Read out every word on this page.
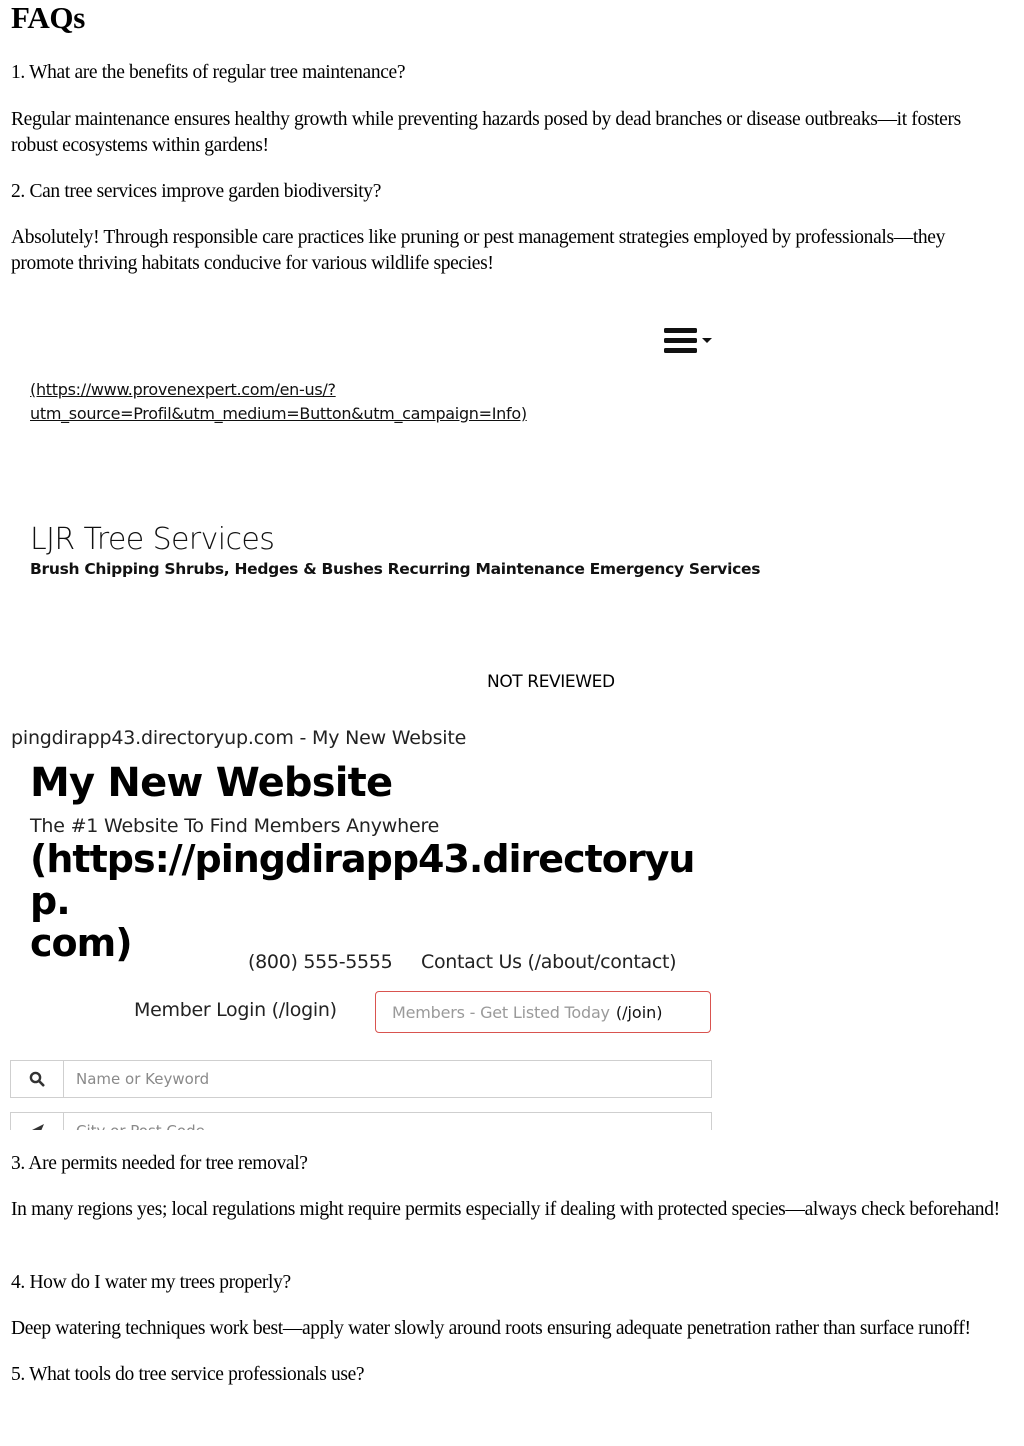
FAQs
1. What are the benefits of regular tree maintenance?
Regular maintenance ensures healthy growth while preventing hazards posed by dead branches or disease outbreaks—it fosters robust ecosystems within gardens!
2. Can tree services improve garden biodiversity?
Absolutely! Through responsible care practices like pruning or pest management strategies employed by professionals—they promote thriving habitats conducive for various wildlife species!
(https://www.provenexpert.com/en-us/?
utm_source=Profil&utm_medium=Button&utm_campaign=Info)
LJR Tree Services
Brush Chipping Shrubs, Hedges & Bushes Recurring Maintenance Emergency Services
NOT REVIEWED
pingdirapp43.directoryup.com - My New Website
My New Website
The #1 Website To Find Members Anywhere
(https://pingdirapp43.directoryup.
com)	(800) 555-5555 Contact Us (/about/contact)
Member Login (/login)	Members - Get Listed Today (/join)
Name or Keyword
City or Post Code
3. Are permits needed for tree removal?
In many regions yes; local regulations might require permits especially if dealing with protected species—always check beforehand!
4. How do I water my trees properly?
Deep watering techniques work best—apply water slowly around roots ensuring adequate penetration rather than surface runoff!
5. What tools do tree service professionals use?
